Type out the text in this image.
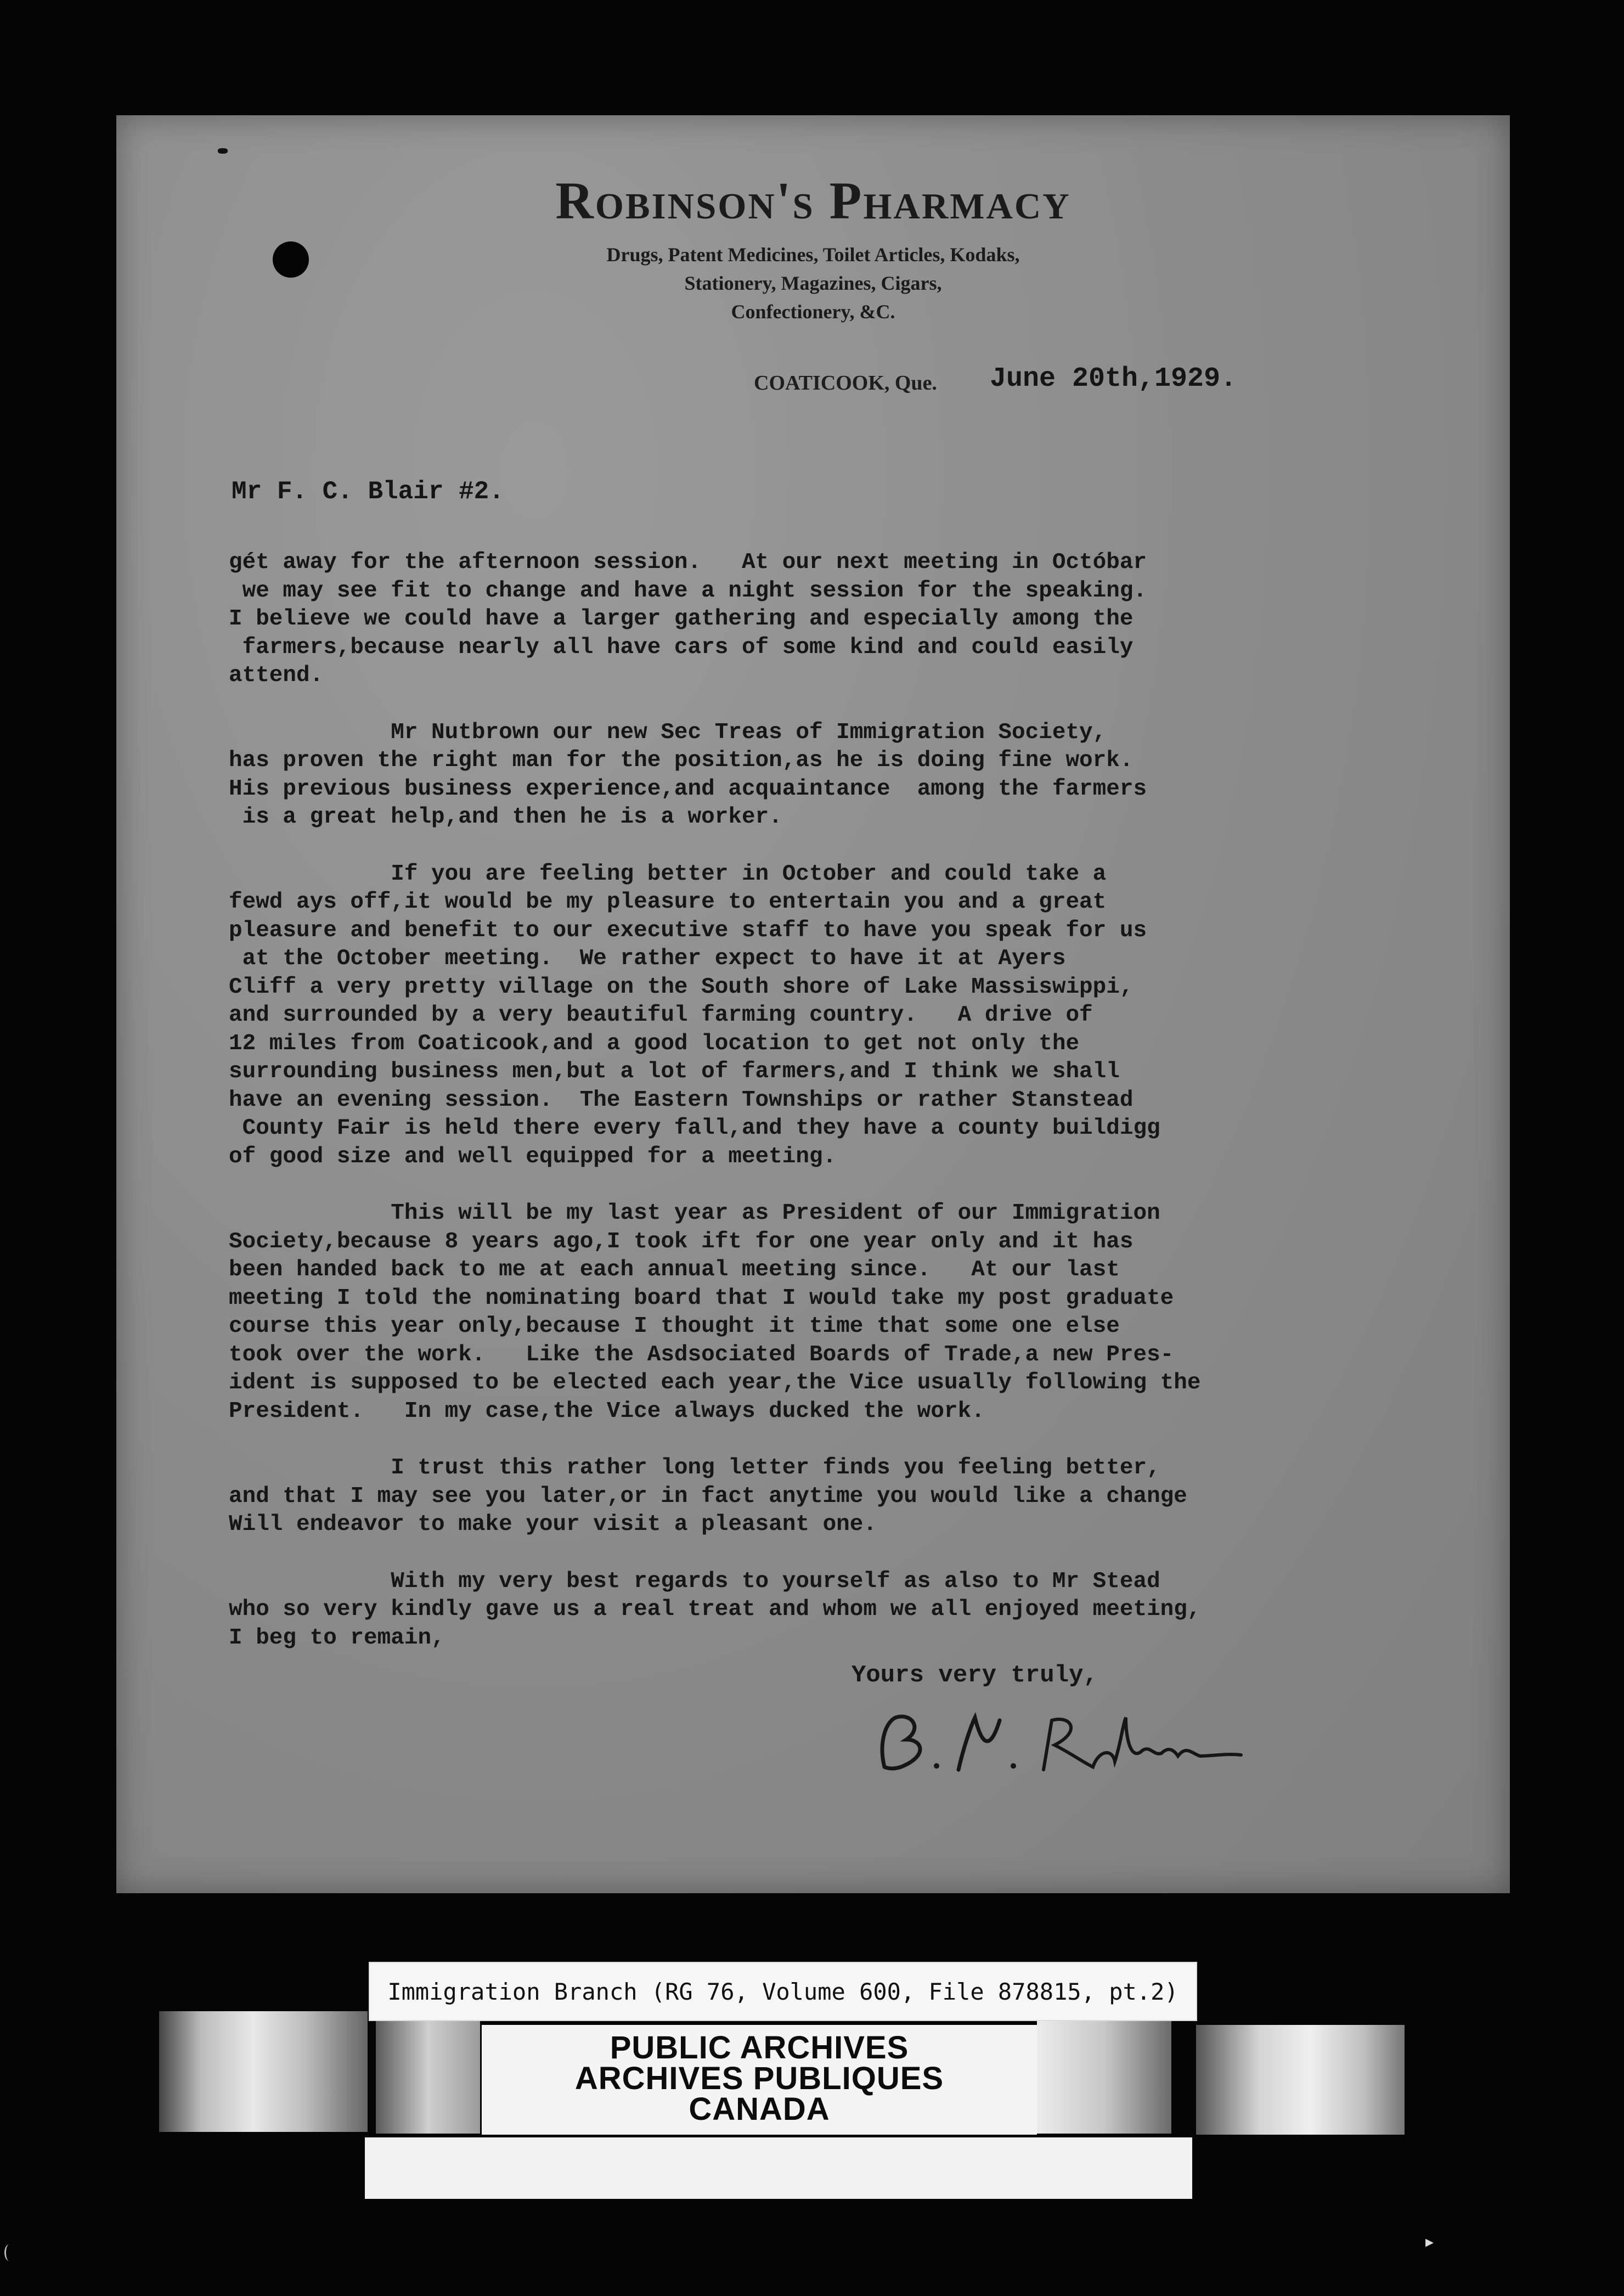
Robinson's Pharmacy
Drugs, Patent Medicines, Toilet Articles, Kodaks,
Stationery, Magazines, Cigars,
Confectionery, &C.
COATICOOK, Que. June 20th,1929.
Mr F. C. Blair #2.

gét away for the afternoon session.   At our next meeting in Octóbar

we may see fit to change and have a night session for the speaking.

I believe we could have a larger gathering and especially among the

farmers,because nearly all have cars of some kind and could easily

attend.

Mr Nutbrown our new Sec Treas of Immigration Society,

has proven the right man for the position,as he is doing fine work.

His previous business experience,and acquaintance  among the farmers

is a great help,and then he is a worker.

If you are feeling better in October and could take a

fewd ays off,it would be my pleasure to entertain you and a great

pleasure and benefit to our executive staff to have you speak for us

at the October meeting.  We rather expect to have it at Ayers

Cliff a very pretty village on the South shore of Lake Massiswippi,

and surrounded by a very beautiful farming country.   A drive of

12 miles from Coaticook,and a good location to get not only the

surrounding business men,but a lot of farmers,and I think we shall

have an evening session.  The Eastern Townships or rather Stanstead

County Fair is held there every fall,and they have a county buildigg

of good size and well equipped for a meeting.

This will be my last year as President of our Immigration

Society,because 8 years ago,I took ift for one year only and it has

been handed back to me at each annual meeting since.   At our last

meeting I told the nominating board that I would take my post graduate

course this year only,because I thought it time that some one else

took over the work.   Like the Asdsociated Boards of Trade,a new Pres-

ident is supposed to be elected each year,the Vice usually following the

President.   In my case,the Vice always ducked the work.

I trust this rather long letter finds you feeling better,

and that I may see you later,or in fact anytime you would like a change

Will endeavor to make your visit a pleasant one.

With my very best regards to yourself as also to Mr Stead

who so very kindly gave us a real treat and whom we all enjoyed meeting,

I beg to remain,

Yours very truly,
Immigration Branch (RG 76, Volume 600, File 878815, pt.2)
PUBLIC ARCHIVES
ARCHIVES PUBLIQUES
CANADA
▸
